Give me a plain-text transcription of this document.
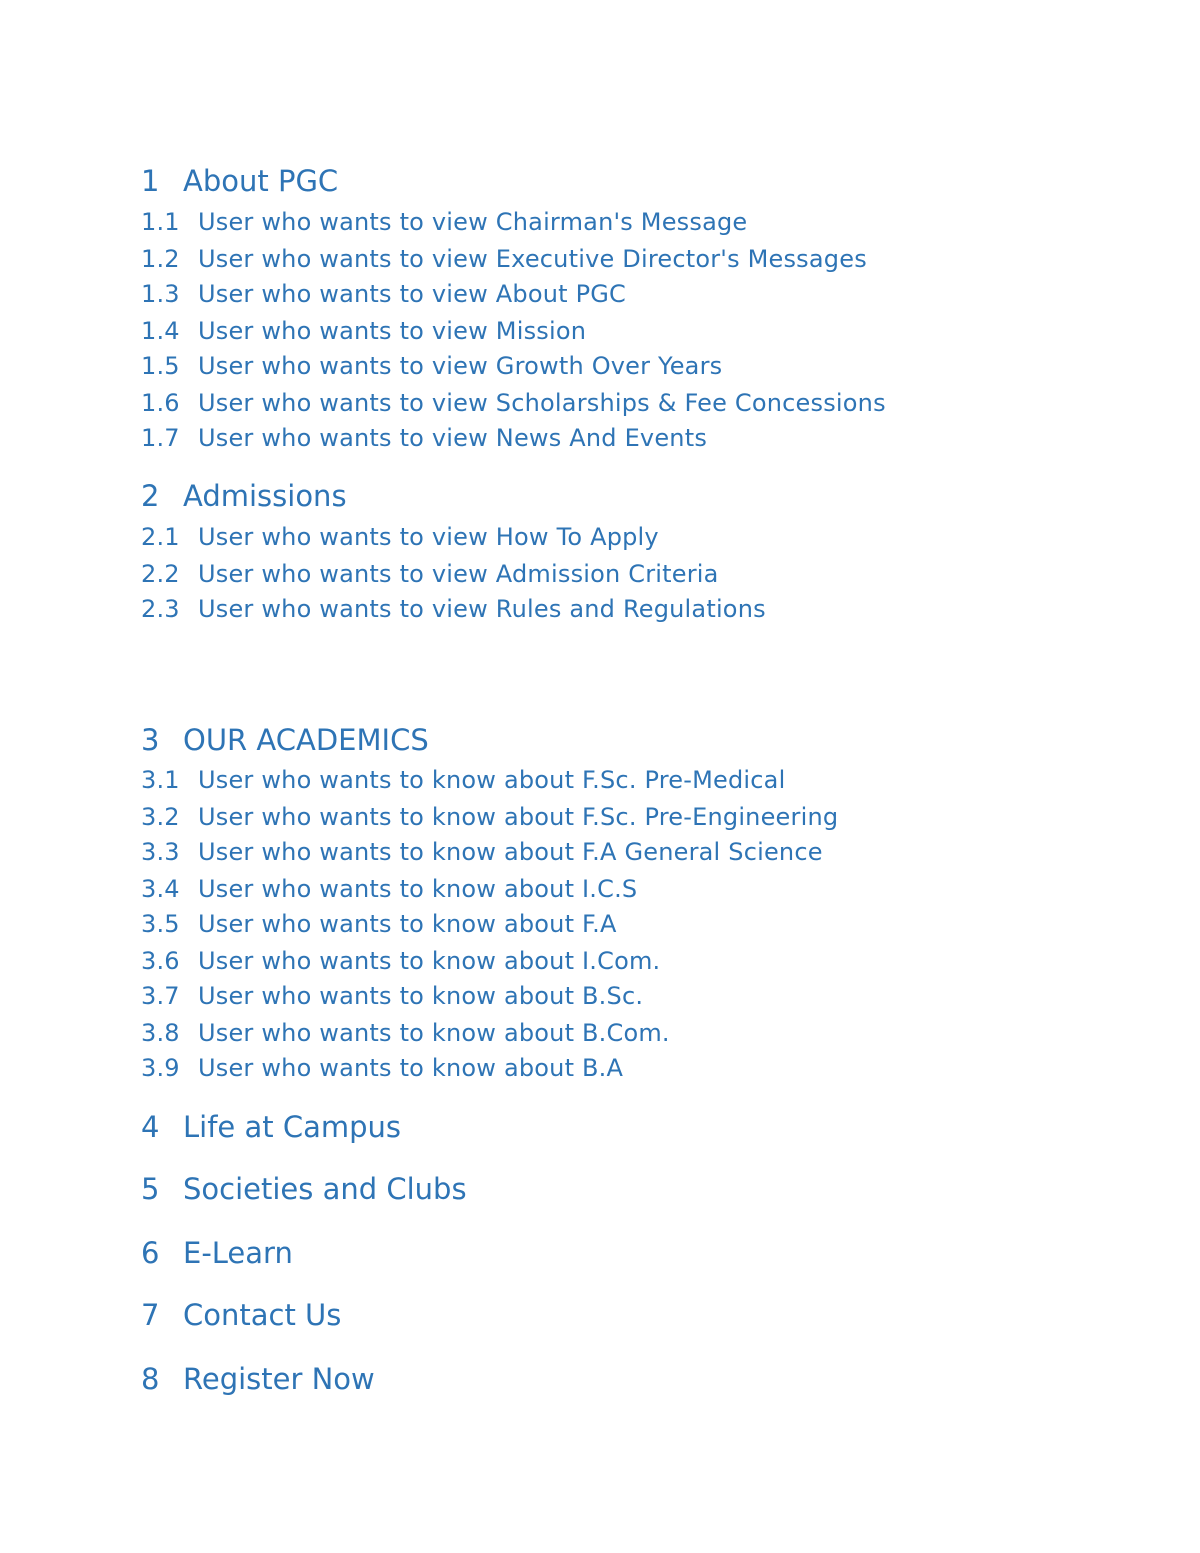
1 About PGC
1.1 User who wants to view Chairman's Message
1.2 User who wants to view Executive Director's Messages
1.3 User who wants to view About PGC
1.4 User who wants to view Mission
1.5 User who wants to view Growth Over Years
1.6 User who wants to view Scholarships & Fee Concessions
1.7 User who wants to view News And Events
2 Admissions
2.1 User who wants to view How To Apply
2.2 User who wants to view Admission Criteria
2.3 User who wants to view Rules and Regulations
3 OUR ACADEMICS
3.1 User who wants to know about F.Sc. Pre-Medical
3.2 User who wants to know about F.Sc. Pre-Engineering
3.3 User who wants to know about F.A General Science
3.4 User who wants to know about I.C.S
3.5 User who wants to know about F.A
3.6 User who wants to know about I.Com.
3.7 User who wants to know about B.Sc.
3.8 User who wants to know about B.Com.
3.9 User who wants to know about B.A
4 Life at Campus
5 Societies and Clubs
6 E-Learn
7 Contact Us
8 Register Now
